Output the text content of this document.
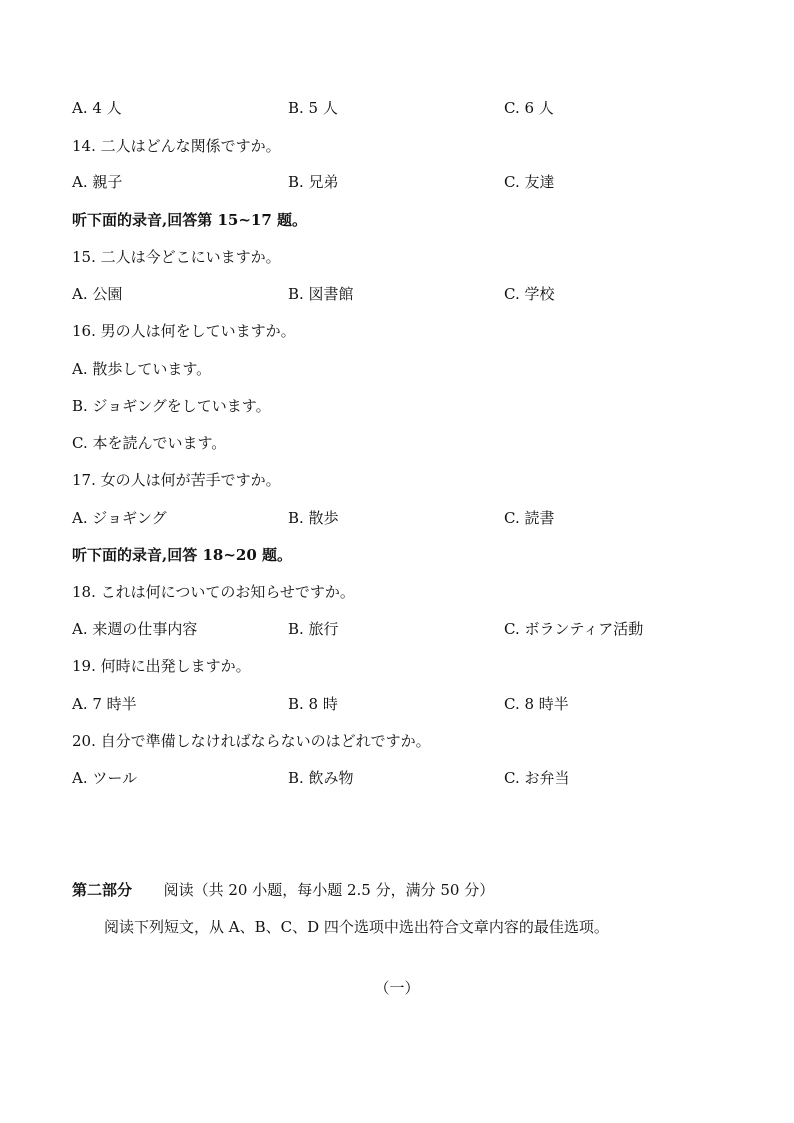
A. 4 人	B. 5 人	C. 6 人
14. 二人はどんな関係ですか。
A. 親子	B. 兄弟	C. 友達
听下面的录音,回答第 15~17 题。
15. 二人は今どこにいますか。
A. 公園	B. 図書館	C. 学校
16. 男の人は何をしていますか。
A. 散歩しています。
B. ジョギングをしています。
C. 本を読んでいます。
17. 女の人は何が苦手ですか。
A. ジョギング	B. 散歩	C. 読書
听下面的录音,回答 18~20 题。
18. これは何についてのお知らせですか。
A. 来週の仕事内容	B. 旅行	C. ボランティア活動
19. 何時に出発しますか。
A. 7 時半	B. 8 時	C. 8 時半
20. 自分で準備しなければならないのはどれですか。
A. ツール	B. 飲み物	C. お弁当
第二部分 阅读（共 20 小题，每小题 2.5 分，满分 50 分）
阅读下列短文，从 A、B、C、D 四个选项中选出符合文章内容的最佳选项。
（一）
